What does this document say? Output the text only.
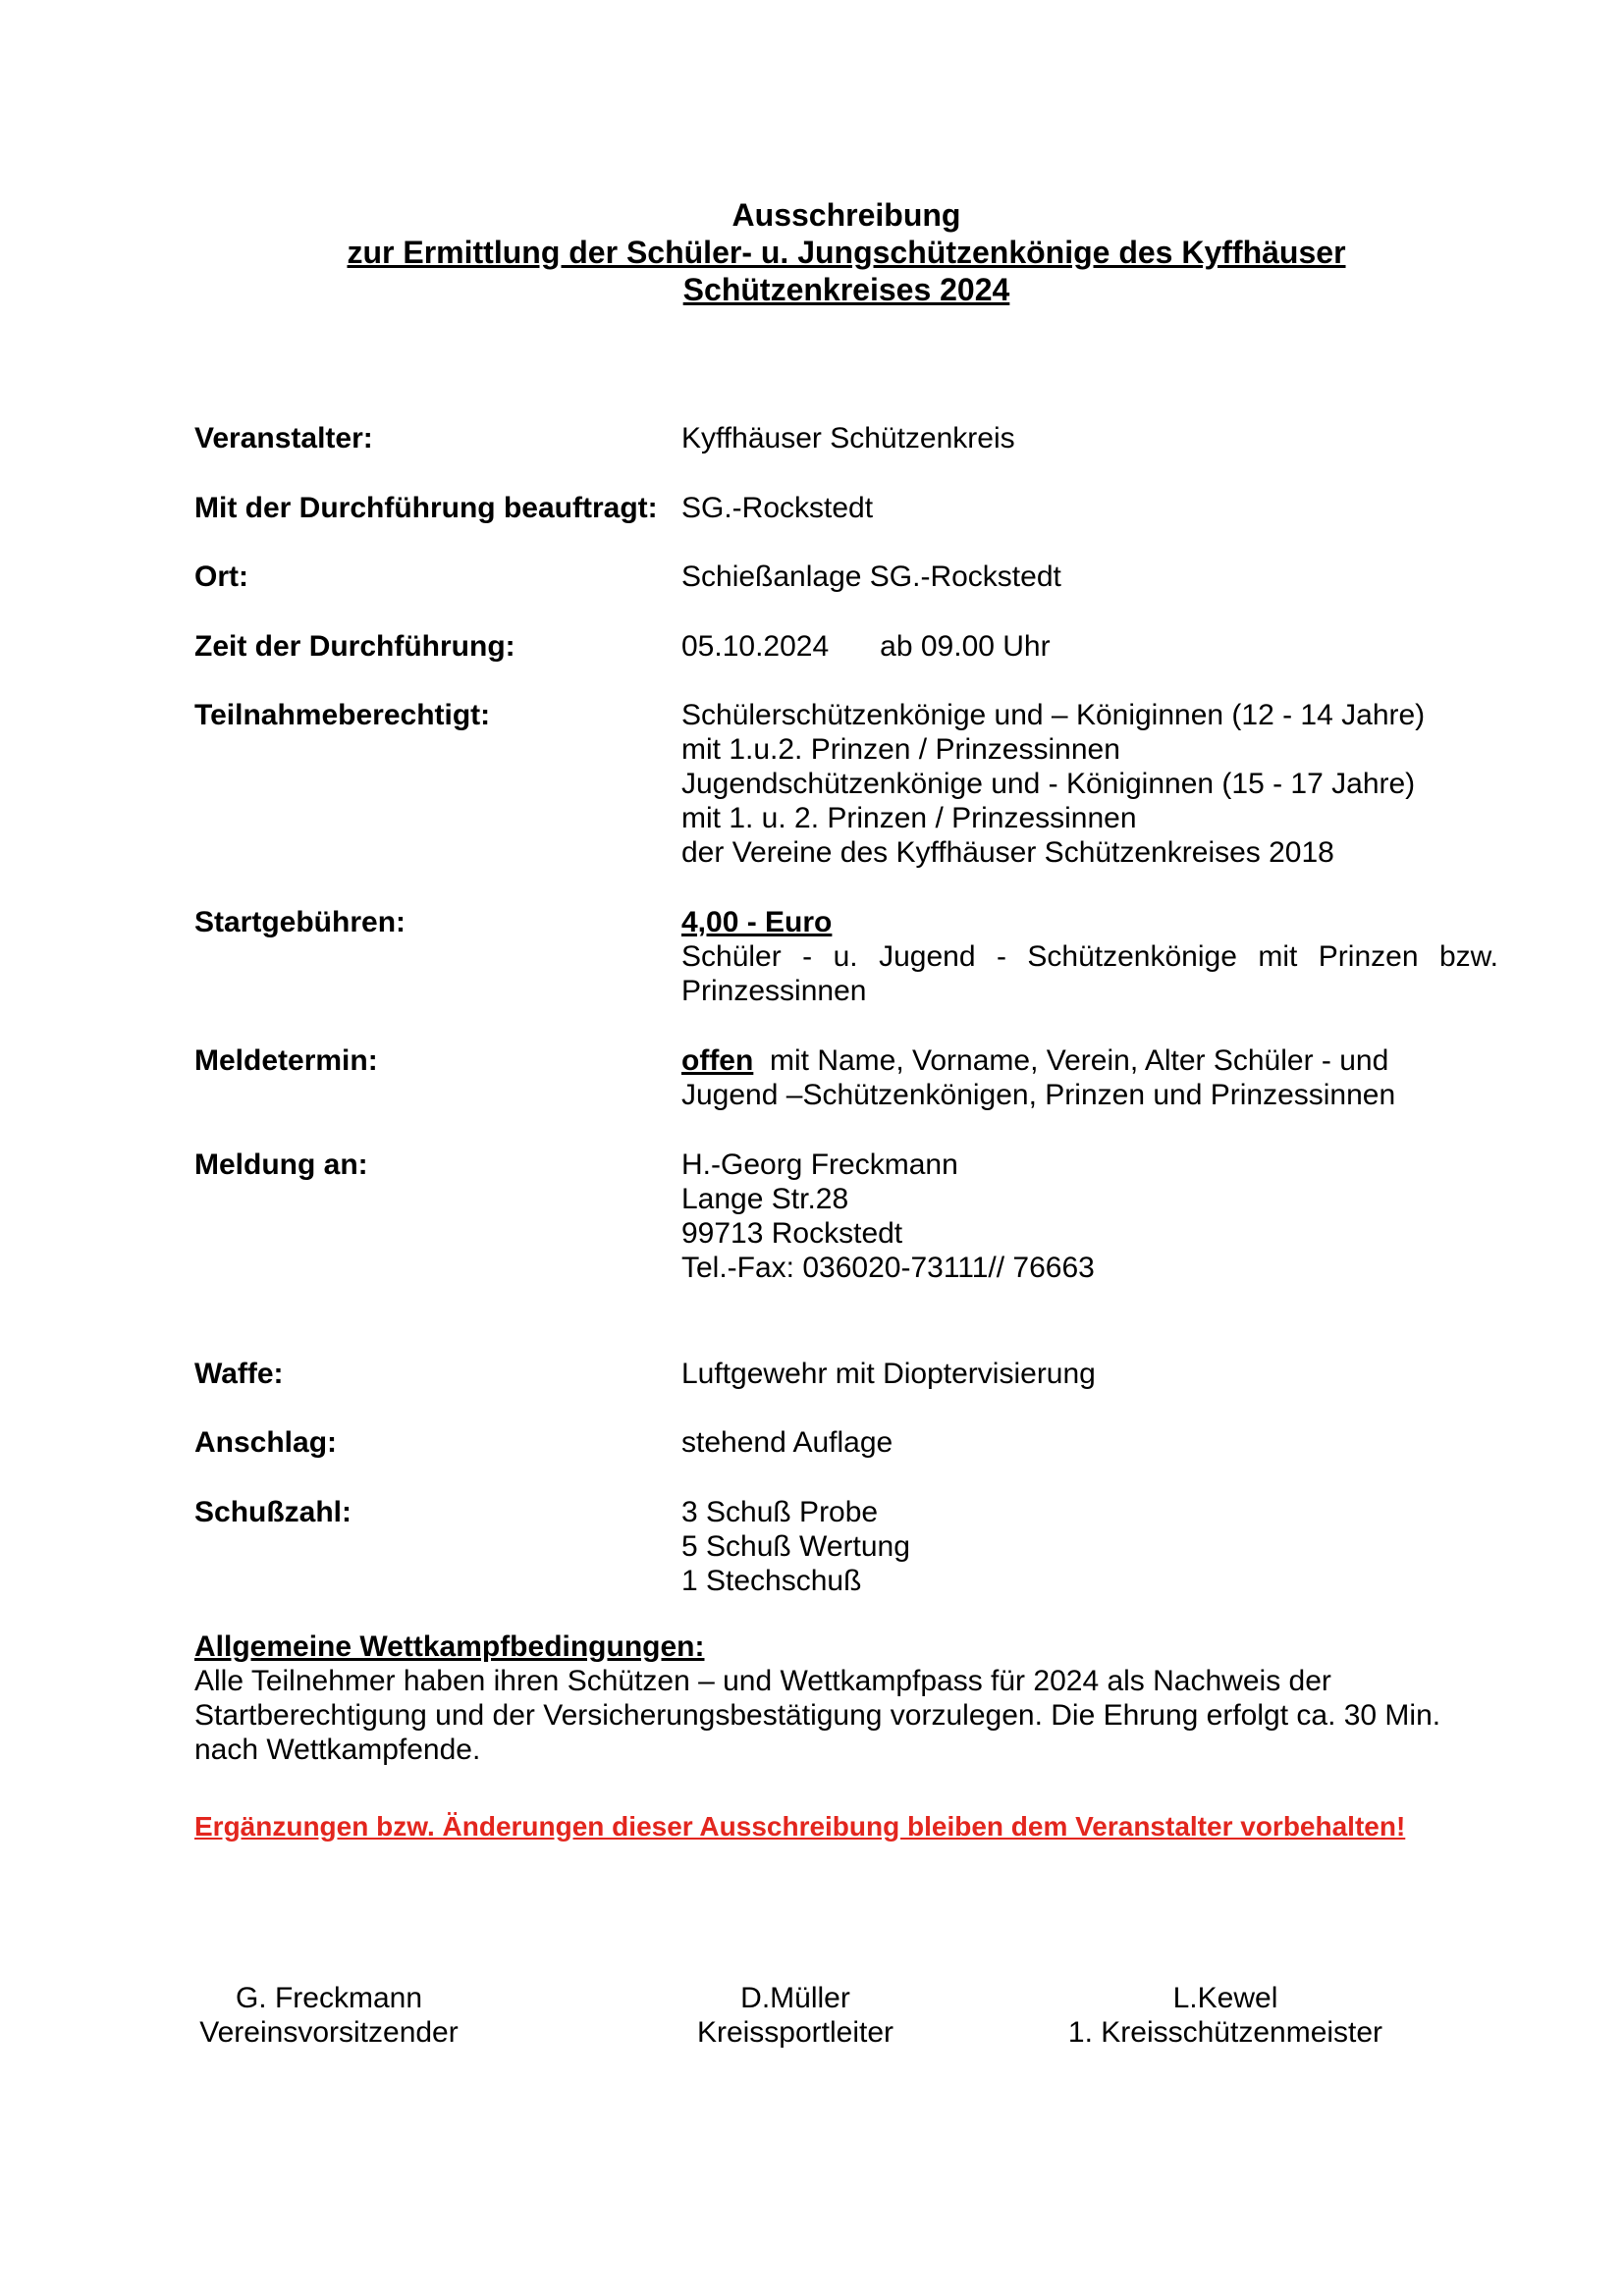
Ausschreibung
zur Ermittlung der Schüler- u. Jungschützenkönige des Kyffhäuser
Schützenkreises 2024
Veranstalter:	Kyffhäuser Schützenkreis
Mit der Durchführung beauftragt: SG.-Rockstedt
Ort:	Schießanlage SG.-Rockstedt
Zeit der Durchführung:	05.10.2024 ab 09.00 Uhr
Teilnahmeberechtigt:	Schülerschützenkönige und – Königinnen (12 - 14 Jahre)
mit 1.u.2. Prinzen / Prinzessinnen
Jugendschützenkönige und - Königinnen (15 - 17 Jahre)
mit 1. u. 2. Prinzen / Prinzessinnen
der Vereine des Kyffhäuser Schützenkreises 2018
Startgebühren:	4,00 - Euro
Schüler - u. Jugend - Schützenkönige mit Prinzen bzw.
Prinzessinnen
Meldetermin:	offen mit Name, Vorname, Verein, Alter Schüler - und
Jugend –Schützenkönigen, Prinzen und Prinzessinnen
Meldung an:	H.-Georg Freckmann
Lange Str.28
99713 Rockstedt
Tel.-Fax: 036020-73111// 76663
Waffe:	Luftgewehr mit Dioptervisierung
Anschlag:	stehend Auflage
Schußzahl:	3 Schuß Probe
5 Schuß Wertung
1 Stechschuß
Allgemeine Wettkampfbedingungen:
Alle Teilnehmer haben ihren Schützen – und Wettkampfpass für 2024 als Nachweis der
Startberechtigung und der Versicherungsbestätigung vorzulegen. Die Ehrung erfolgt ca. 30 Min.
nach Wettkampfende.
Ergänzungen bzw. Änderungen dieser Ausschreibung bleiben dem Veranstalter vorbehalten!
G. Freckmann
Vereinsvorsitzender
D.Müller
Kreissportleiter
L.Kewel
1. Kreisschützenmeister
